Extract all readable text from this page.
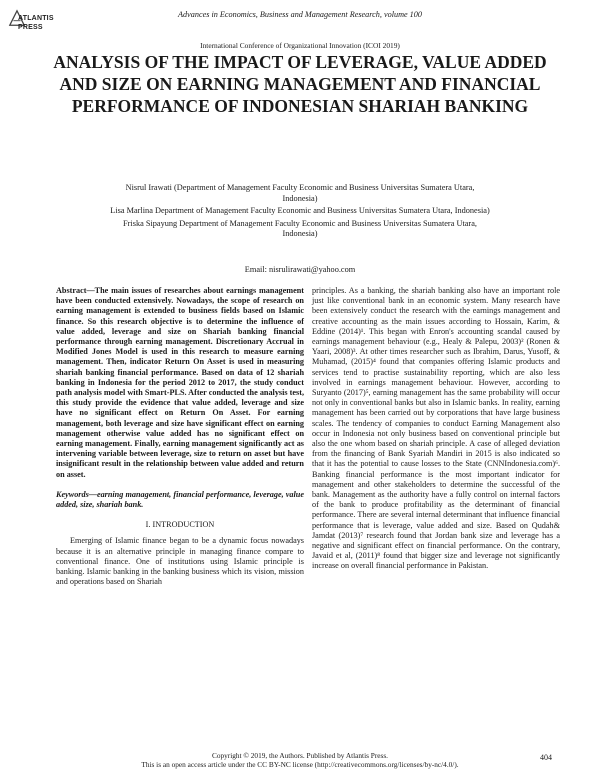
ATLANTIS
PRESS
Advances in Economics, Business and Management Research, volume 100
International Conference of Organizational Innovation (ICOI 2019)
ANALYSIS OF THE IMPACT OF LEVERAGE, VALUE ADDED AND SIZE ON EARNING MANAGEMENT AND FINANCIAL PERFORMANCE OF INDONESIAN SHARIAH BANKING

Nisrul Irawati (Department of Management Faculty Economic and Business Universitas Sumatera Utara, Indonesia)

Lisa Marlina Department of Management Faculty Economic and Business Universitas Sumatera Utara, Indonesia)

Friska Sipayung Department of Management Faculty Economic and Business Universitas Sumatera Utara, Indonesia)

Email: nisrulirawati@yahoo.com

Abstract—The main issues of researches about earnings management have been conducted extensively. Nowadays, the scope of research on earning management is extended to business fields based on Islamic finance. So this research objective is to determine the influence of value added, leverage and size on Shariah banking financial performance through earning management. Discretionary Accrual in Modified Jones Model is used in this research to measure earning management. Then, indicator Return On Asset is used in measuring shariah banking financial performance. Based on data of 12 shariah banking in Indonesia for the period 2012 to 2017, the study conduct path analysis model with Smart-PLS. After conducted the analysis test, this study provide the evidence that value added, leverage and size have no significant effect on Return On Asset. For earning management, both leverage and size have significant effect on earning management otherwise value added has no significant effect on earning management. Finally, earning management significantly act as intervening variable between leverage, size to return on asset but have insignificant result in the relationship between value added and return on asset.

Keywords—earning management, financial performance, leverage, value added, size, shariah bank.

I. INTRODUCTION

Emerging of Islamic finance began to be a dynamic focus nowadays because it is an alternative principle in managing finance compare to conventional finance. One of institutions using Islamic principle is banking. Islamic banking in the banking business which its vision, mission and operations based on Shariah

principles. As a banking, the shariah banking also have an important role just like conventional bank in an economic system. Many research have been extensively conduct the research with the earnings management and creative accounting as the main issues according to Hossain, Karim, & Eddine (2014)¹. This began with Enron's accounting scandal caused by earnings management behaviour (e.g., Healy & Palepu, 2003)² (Ronen & Yaari, 2008)³. At other times researcher such as Ibrahim, Darus, Yusoff, & Muhamad, (2015)⁴ found that companies offering Islamic products and services tend to practise sustainability reporting, which are also less involved in earnings management behaviour. However, according to Suryanto (2017)⁵, earning management has the same probability will occur not only in conventional banks but also in Islamic banks. In reality, earning management has been carried out by corporations that have large business scales. The tendency of companies to conduct Earning Management also occur in Indonesia not only business based on conventional principle but also the one whom based on shariah principle. A case of alleged deviation from the financing of Bank Syariah Mandiri in 2015 is also indicated so that it has the potential to cause losses to the State (CNNIndonesia.com)⁶. Banking financial performance is the most important indicator for management and other stakeholders to determine the successful of the bank. Management as the authority have a fully control on internal factors of the bank to produce profitability as the determinant of financial performance. There are several internal determinant that influence financial performance that is leverage, value added and size. Based on Qudah& Jamdat (2013)⁷ research found that Jordan bank size and leverage has a negative and significant effect on financial performance. On the contrary, Javaid et al, (2011)⁸ found that bigger size and leverage not significantly increase on overall financial performance in Pakistan.

Copyright © 2019, the Authors. Published by Atlantis Press.

This is an open access article under the CC BY-NC license (http://creativecommons.org/licenses/by-nc/4.0/).

404
